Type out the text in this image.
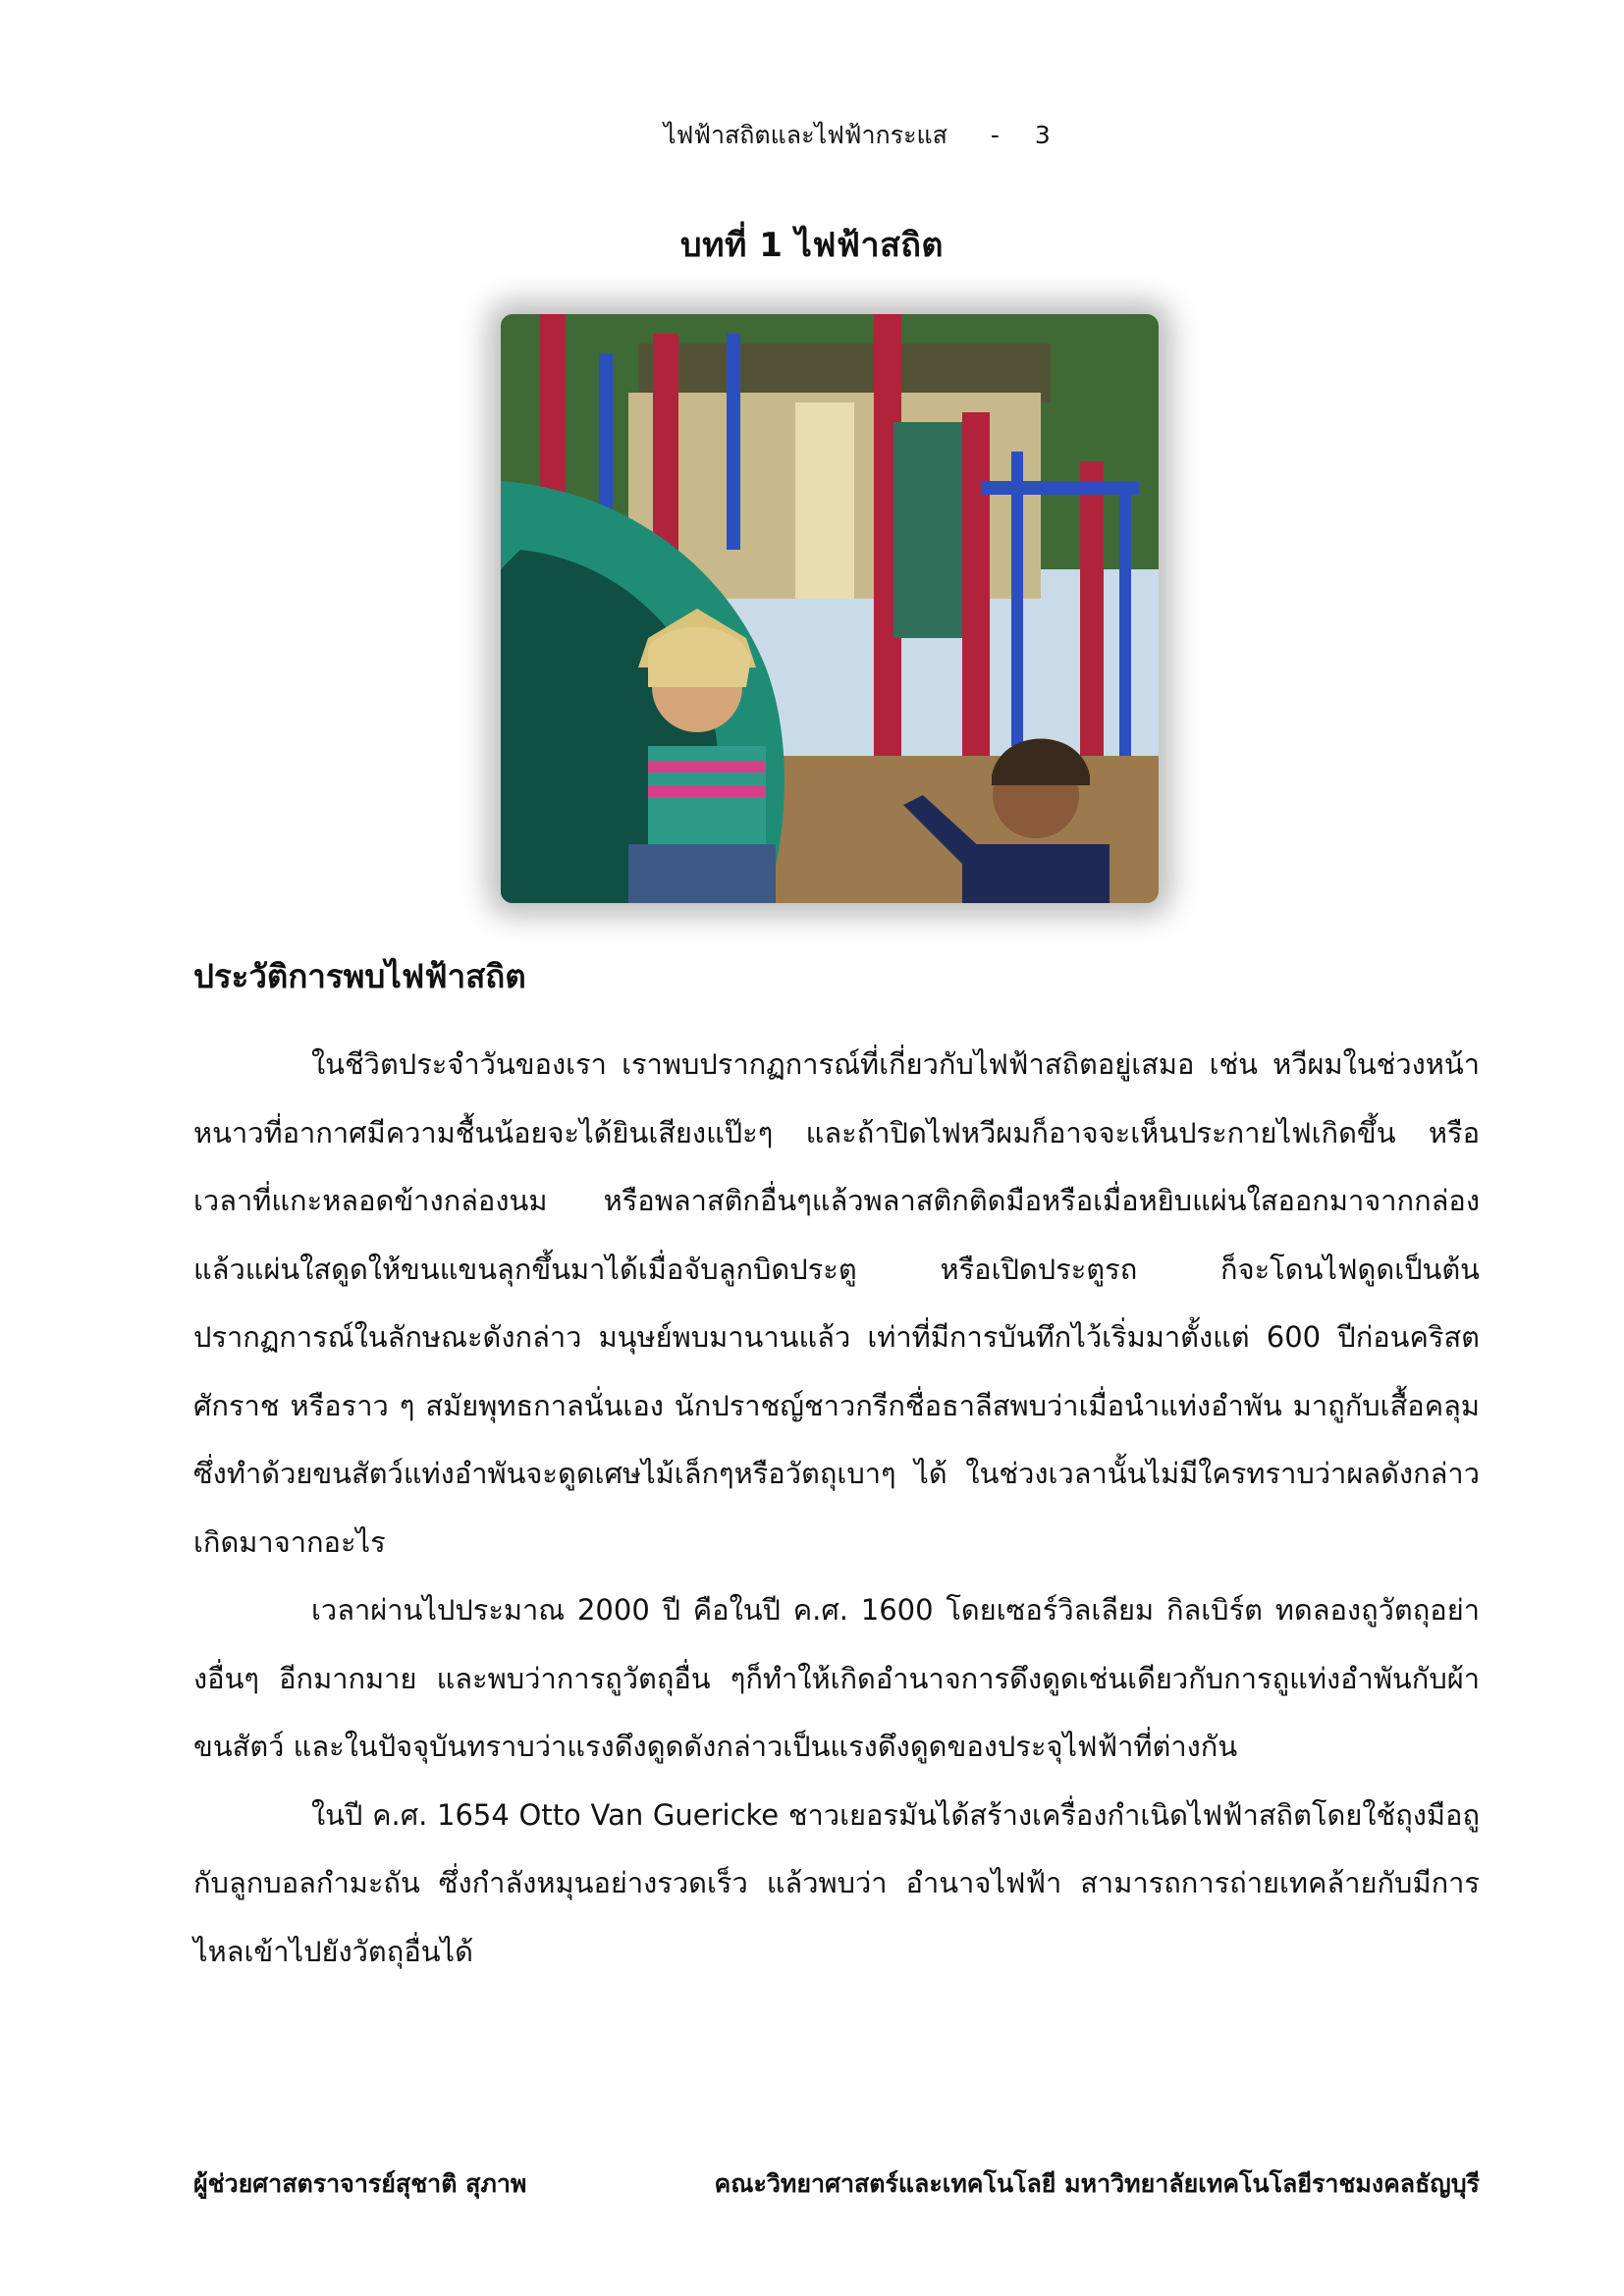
ไฟฟ้าสถิตและไฟฟ้ากระแส - 3
บทที่ 1 ไฟฟ้าสถิต
ประวัติการพบไฟฟ้าสถิต

ในชีวิตประจำวันของเรา เราพบปรากฏการณ์ที่เกี่ยวกับไฟฟ้าสถิตอยู่เสมอ เช่น หวีผมในช่วงหน้าหนาวที่อากาศมีความชื้นน้อยจะได้ยินเสียงแป๊ะๆ และถ้าปิดไฟหวีผมก็อาจจะเห็นประกายไฟเกิดขึ้น หรือเวลาที่แกะหลอดข้างกล่องนม หรือพลาสติกอื่นๆแล้วพลาสติกติดมือหรือเมื่อหยิบแผ่นใสออกมาจากกล่อง แล้วแผ่นใสดูดให้ขนแขนลุกขึ้นมาได้เมื่อจับลูกบิดประตู หรือเปิดประตูรถ ก็จะโดนไฟดูดเป็นต้นปรากฏการณ์ในลักษณะดังกล่าว มนุษย์พบมานานแล้ว เท่าที่มีการบันทึกไว้เริ่มมาตั้งแต่ 600 ปีก่อนคริสตศักราช หรือราว ๆ สมัยพุทธกาลนั่นเอง นักปราชญ์ชาวกรีกชื่อธาลีสพบว่าเมื่อนำแท่งอำพัน มาถูกับเสื้อคลุมซึ่งทำด้วยขนสัตว์แท่งอำพันจะดูดเศษไม้เล็กๆหรือวัตถุเบาๆ ได้ ในช่วงเวลานั้นไม่มีใครทราบว่าผลดังกล่าวเกิดมาจากอะไร

เวลาผ่านไปประมาณ 2000 ปี คือในปี ค.ศ. 1600 โดยเซอร์วิลเลียม กิลเบิร์ต ทดลองถูวัตถุอย่างอื่นๆ อีกมากมาย และพบว่าการถูวัตถุอื่น ๆก็ทำให้เกิดอำนาจการดึงดูดเช่นเดียวกับการถูแท่งอำพันกับผ้าขนสัตว์ และในปัจจุบันทราบว่าแรงดึงดูดดังกล่าวเป็นแรงดึงดูดของประจุไฟฟ้าที่ต่างกัน

ในปี ค.ศ. 1654 Otto Van Guericke ชาวเยอรมันได้สร้างเครื่องกำเนิดไฟฟ้าสถิตโดยใช้ถุงมือถูกับลูกบอลกำมะถัน ซึ่งกำลังหมุนอย่างรวดเร็ว แล้วพบว่า อำนาจไฟฟ้า สามารถการถ่ายเทคล้ายกับมีการไหลเข้าไปยังวัตถุอื่นได้

ผู้ช่วยศาสตราจารย์สุชาติ สุภาพ	คณะวิทยาศาสตร์และเทคโนโลยี มหาวิทยาลัยเทคโนโลยีราชมงคลธัญบุรี
